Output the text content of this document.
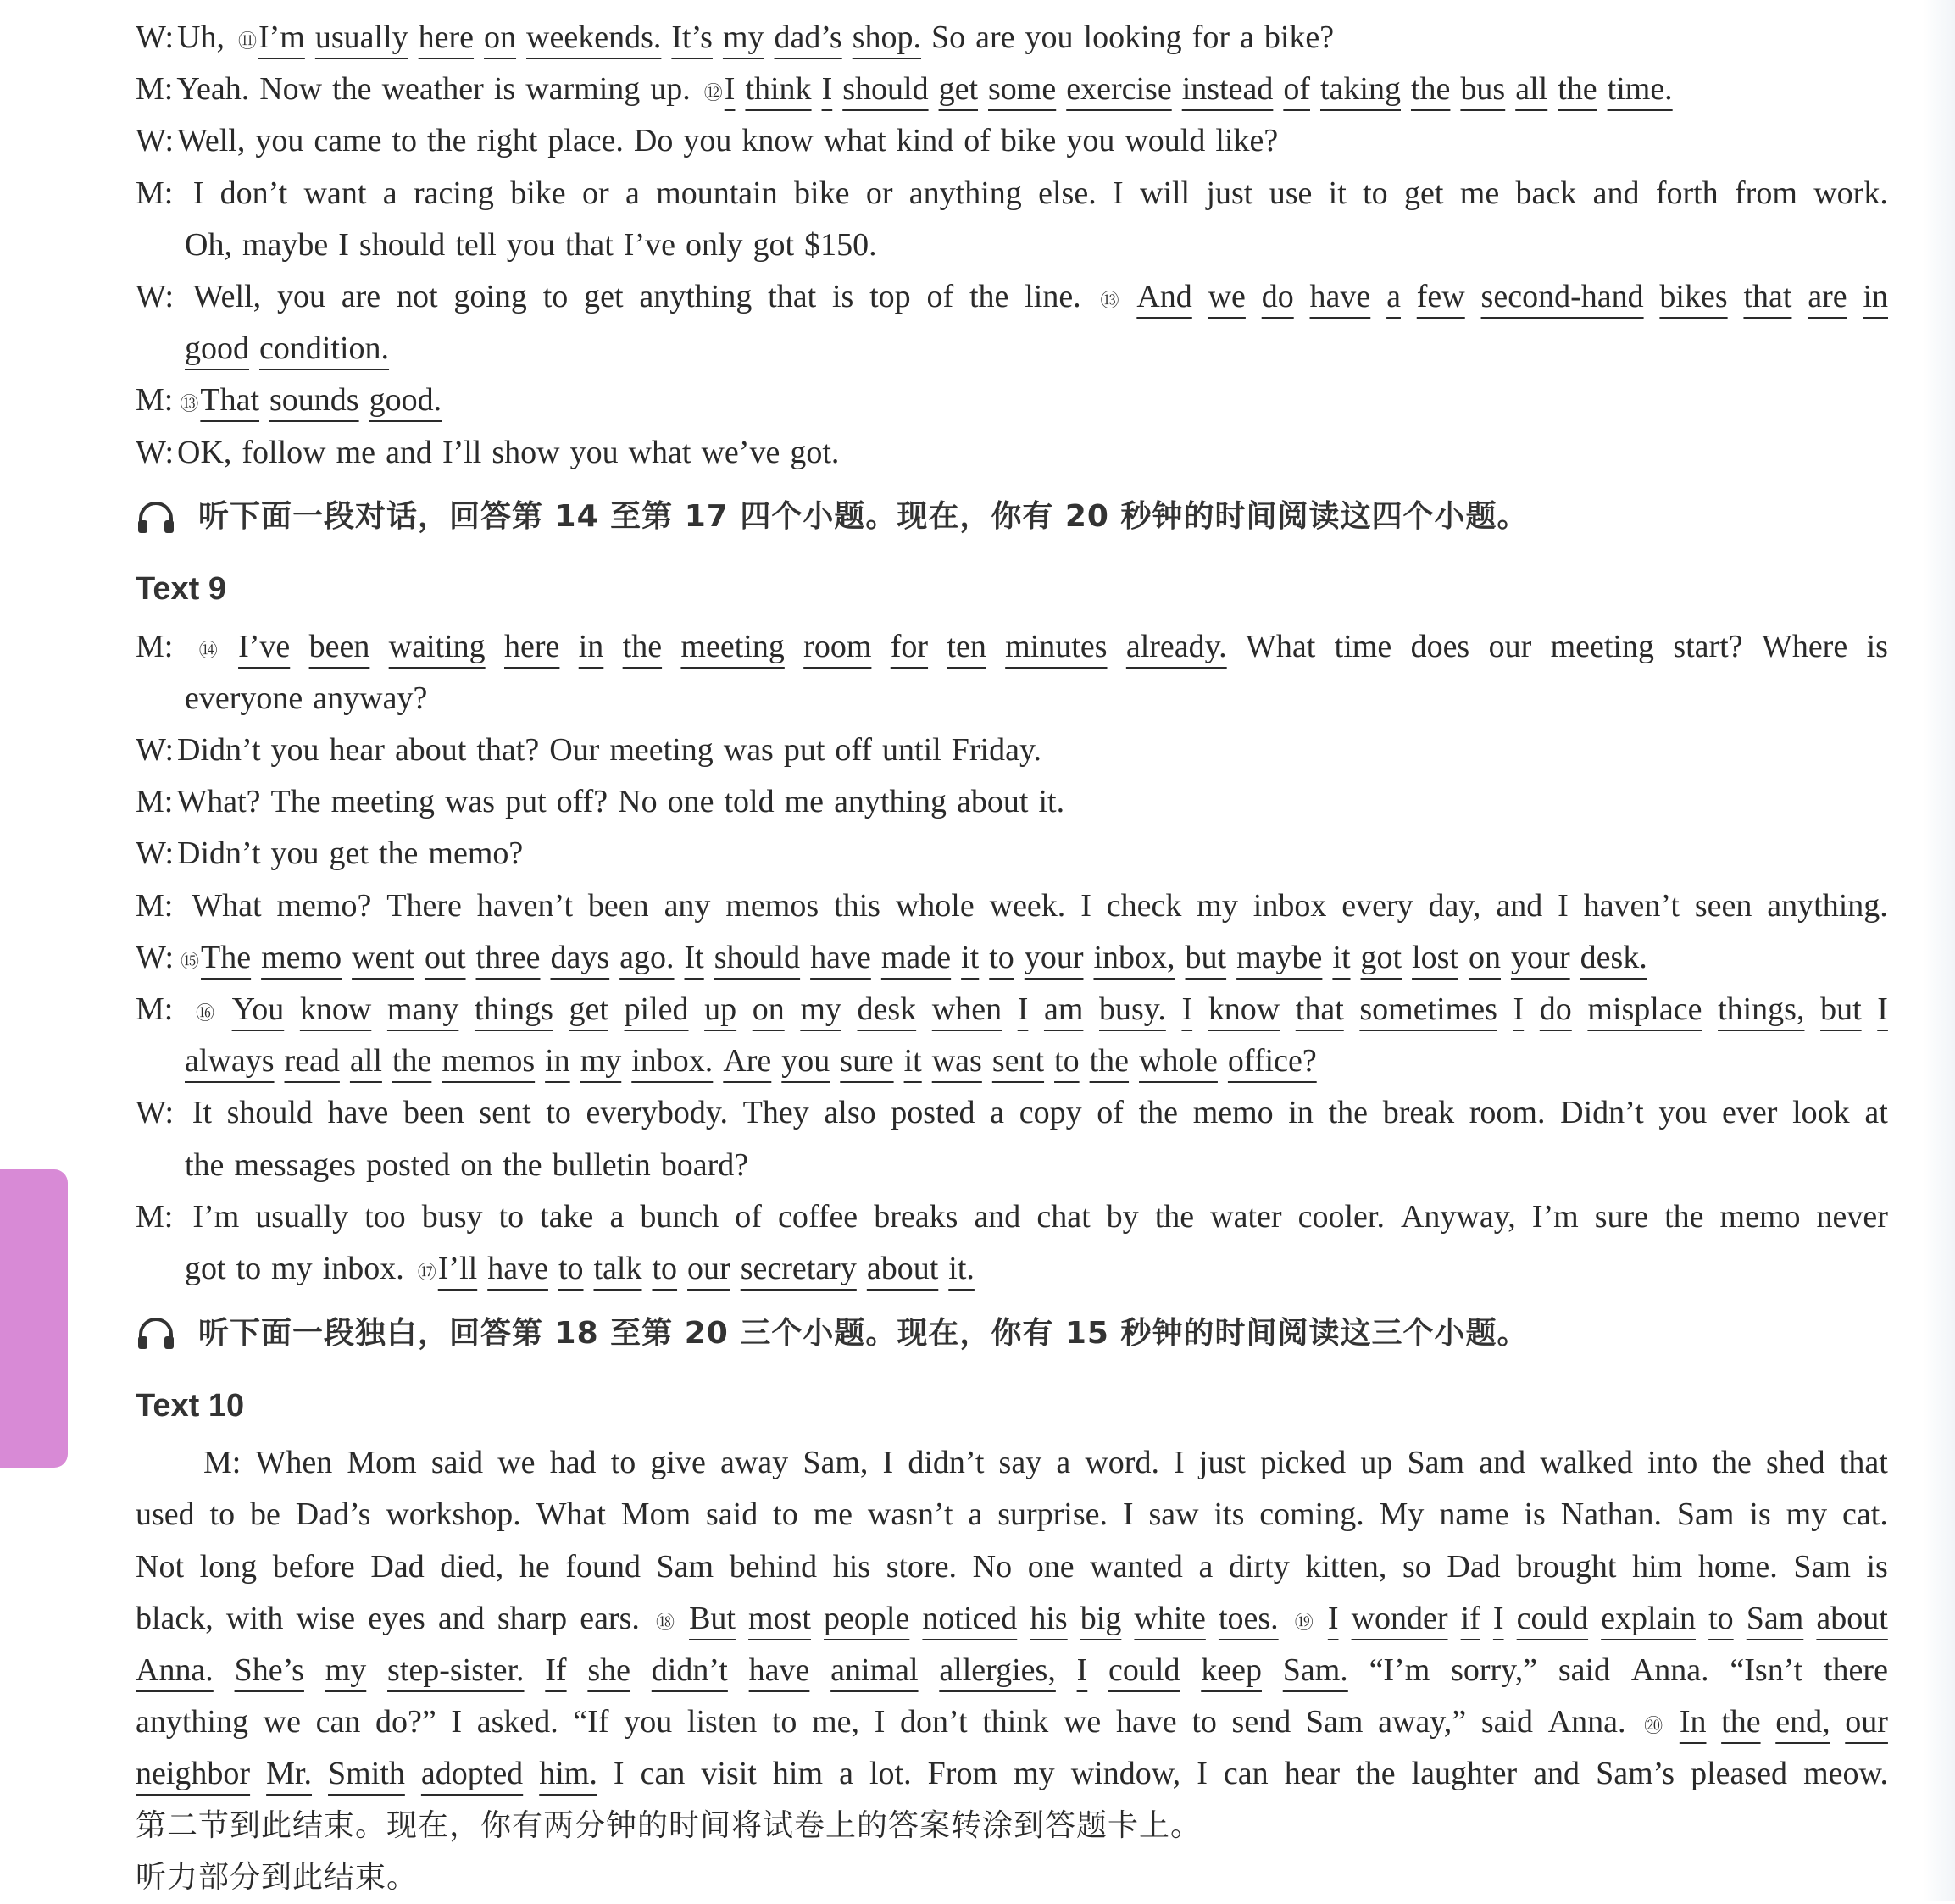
W: Uh, ⑪ I’m usually here on weekends. It’s my dad’s shop. So are you looking for a bike?
M: Yeah. Now the weather is warming up. ⑫ I think I should get some exercise instead of taking the bus all the time.
W: Well, you came to the right place. Do you know what kind of bike you would like?
M: I don’t want a racing bike or a mountain bike or anything else. I will just use it to get me back and forth from work.
Oh, maybe I should tell you that I’ve only got $150.
W: Well, you are not going to get anything that is top of the line. ⑬ And we do have a few second-hand bikes that are in
good condition.
M: ⑬ That sounds good.
W: OK, follow me and I’ll show you what we’ve got.
听下面一段对话，回答第 14 至第 17 四个小题。现在，你有 20 秒钟的时间阅读这四个小题。
Text 9
M: ⑭ I’ve been waiting here in the meeting room for ten minutes already. What time does our meeting start? Where is
everyone anyway?
W: Didn’t you hear about that? Our meeting was put off until Friday.
M: What? The meeting was put off? No one told me anything about it.
W: Didn’t you get the memo?
M: What memo? There haven’t been any memos this whole week. I check my inbox every day, and I haven’t seen anything.
W: ⑮ The memo went out three days ago. It should have made it to your inbox, but maybe it got lost on your desk.
M: ⑯ You know many things get piled up on my desk when I am busy. I know that sometimes I do misplace things, but I
always read all the memos in my inbox. Are you sure it was sent to the whole office?
W: It should have been sent to everybody. They also posted a copy of the memo in the break room. Didn’t you ever look at
the messages posted on the bulletin board?
M: I’m usually too busy to take a bunch of coffee breaks and chat by the water cooler. Anyway, I’m sure the memo never
got to my inbox. ⑰ I’ll have to talk to our secretary about it.
听下面一段独白，回答第 18 至第 20 三个小题。现在，你有 15 秒钟的时间阅读这三个小题。
Text 10
M: When Mom said we had to give away Sam, I didn’t say a word. I just picked up Sam and walked into the shed that
used to be Dad’s workshop. What Mom said to me wasn’t a surprise. I saw its coming. My name is Nathan. Sam is my cat.
Not long before Dad died, he found Sam behind his store. No one wanted a dirty kitten, so Dad brought him home. Sam is
black, with wise eyes and sharp ears. ⑱ But most people noticed his big white toes. ⑲ I wonder if I could explain to Sam about
Anna. She’s my step-sister. If she didn’t have animal allergies, I could keep Sam. “I’m sorry,” said Anna. “Isn’t there
anything we can do?” I asked. “If you listen to me, I don’t think we have to send Sam away,” said Anna. ⑳ In the end, our
neighbor Mr. Smith adopted him. I can visit him a lot. From my window, I can hear the laughter and Sam’s pleased meow.
第二节到此结束。现在，你有两分钟的时间将试卷上的答案转涂到答题卡上。
听力部分到此结束。
